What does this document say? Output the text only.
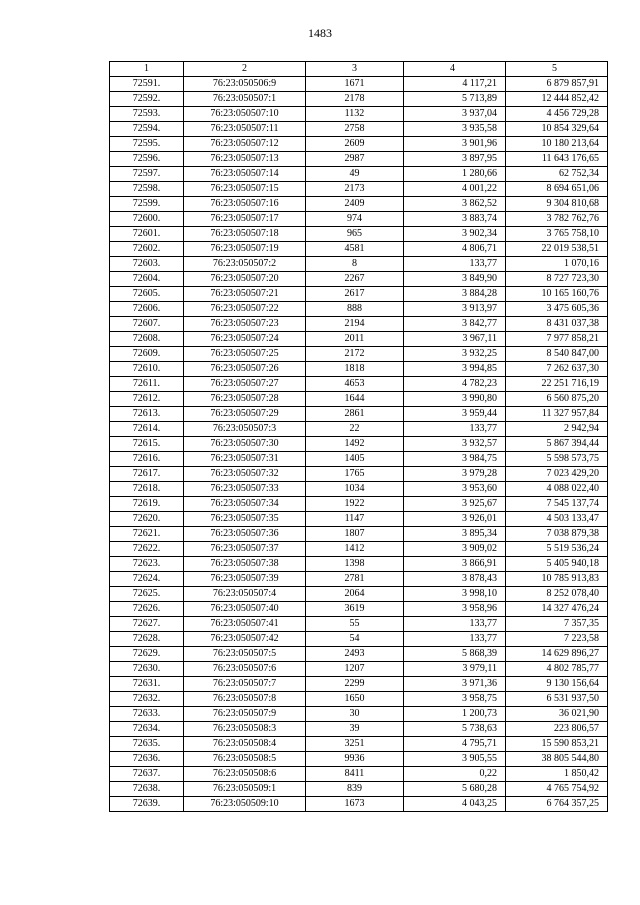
1483
1	2	3	4	5
72591.	76:23:050506:9	1671	4 117,21	6 879 857,91
72592.	76:23:050507:1	2178	5 713,89	12 444 852,42
72593.	76:23:050507:10	1132	3 937,04	4 456 729,28
72594.	76:23:050507:11	2758	3 935,58	10 854 329,64
72595.	76:23:050507:12	2609	3 901,96	10 180 213,64
72596.	76:23:050507:13	2987	3 897,95	11 643 176,65
72597.	76:23:050507:14	49	1 280,66	62 752,34
72598.	76:23:050507:15	2173	4 001,22	8 694 651,06
72599.	76:23:050507:16	2409	3 862,52	9 304 810,68
72600.	76:23:050507:17	974	3 883,74	3 782 762,76
72601.	76:23:050507:18	965	3 902,34	3 765 758,10
72602.	76:23:050507:19	4581	4 806,71	22 019 538,51
72603.	76:23:050507:2	8	133,77	1 070,16
72604.	76:23:050507:20	2267	3 849,90	8 727 723,30
72605.	76:23:050507:21	2617	3 884,28	10 165 160,76
72606.	76:23:050507:22	888	3 913,97	3 475 605,36
72607.	76:23:050507:23	2194	3 842,77	8 431 037,38
72608.	76:23:050507:24	2011	3 967,11	7 977 858,21
72609.	76:23:050507:25	2172	3 932,25	8 540 847,00
72610.	76:23:050507:26	1818	3 994,85	7 262 637,30
72611.	76:23:050507:27	4653	4 782,23	22 251 716,19
72612.	76:23:050507:28	1644	3 990,80	6 560 875,20
72613.	76:23:050507:29	2861	3 959,44	11 327 957,84
72614.	76:23:050507:3	22	133,77	2 942,94
72615.	76:23:050507:30	1492	3 932,57	5 867 394,44
72616.	76:23:050507:31	1405	3 984,75	5 598 573,75
72617.	76:23:050507:32	1765	3 979,28	7 023 429,20
72618.	76:23:050507:33	1034	3 953,60	4 088 022,40
72619.	76:23:050507:34	1922	3 925,67	7 545 137,74
72620.	76:23:050507:35	1147	3 926,01	4 503 133,47
72621.	76:23:050507:36	1807	3 895,34	7 038 879,38
72622.	76:23:050507:37	1412	3 909,02	5 519 536,24
72623.	76:23:050507:38	1398	3 866,91	5 405 940,18
72624.	76:23:050507:39	2781	3 878,43	10 785 913,83
72625.	76:23:050507:4	2064	3 998,10	8 252 078,40
72626.	76:23:050507:40	3619	3 958,96	14 327 476,24
72627.	76:23:050507:41	55	133,77	7 357,35
72628.	76:23:050507:42	54	133,77	7 223,58
72629.	76:23:050507:5	2493	5 868,39	14 629 896,27
72630.	76:23:050507:6	1207	3 979,11	4 802 785,77
72631.	76:23:050507:7	2299	3 971,36	9 130 156,64
72632.	76:23:050507:8	1650	3 958,75	6 531 937,50
72633.	76:23:050507:9	30	1 200,73	36 021,90
72634.	76:23:050508:3	39	5 738,63	223 806,57
72635.	76:23:050508:4	3251	4 795,71	15 590 853,21
72636.	76:23:050508:5	9936	3 905,55	38 805 544,80
72637.	76:23:050508:6	8411	0,22	1 850,42
72638.	76:23:050509:1	839	5 680,28	4 765 754,92
72639.	76:23:050509:10	1673	4 043,25	6 764 357,25
